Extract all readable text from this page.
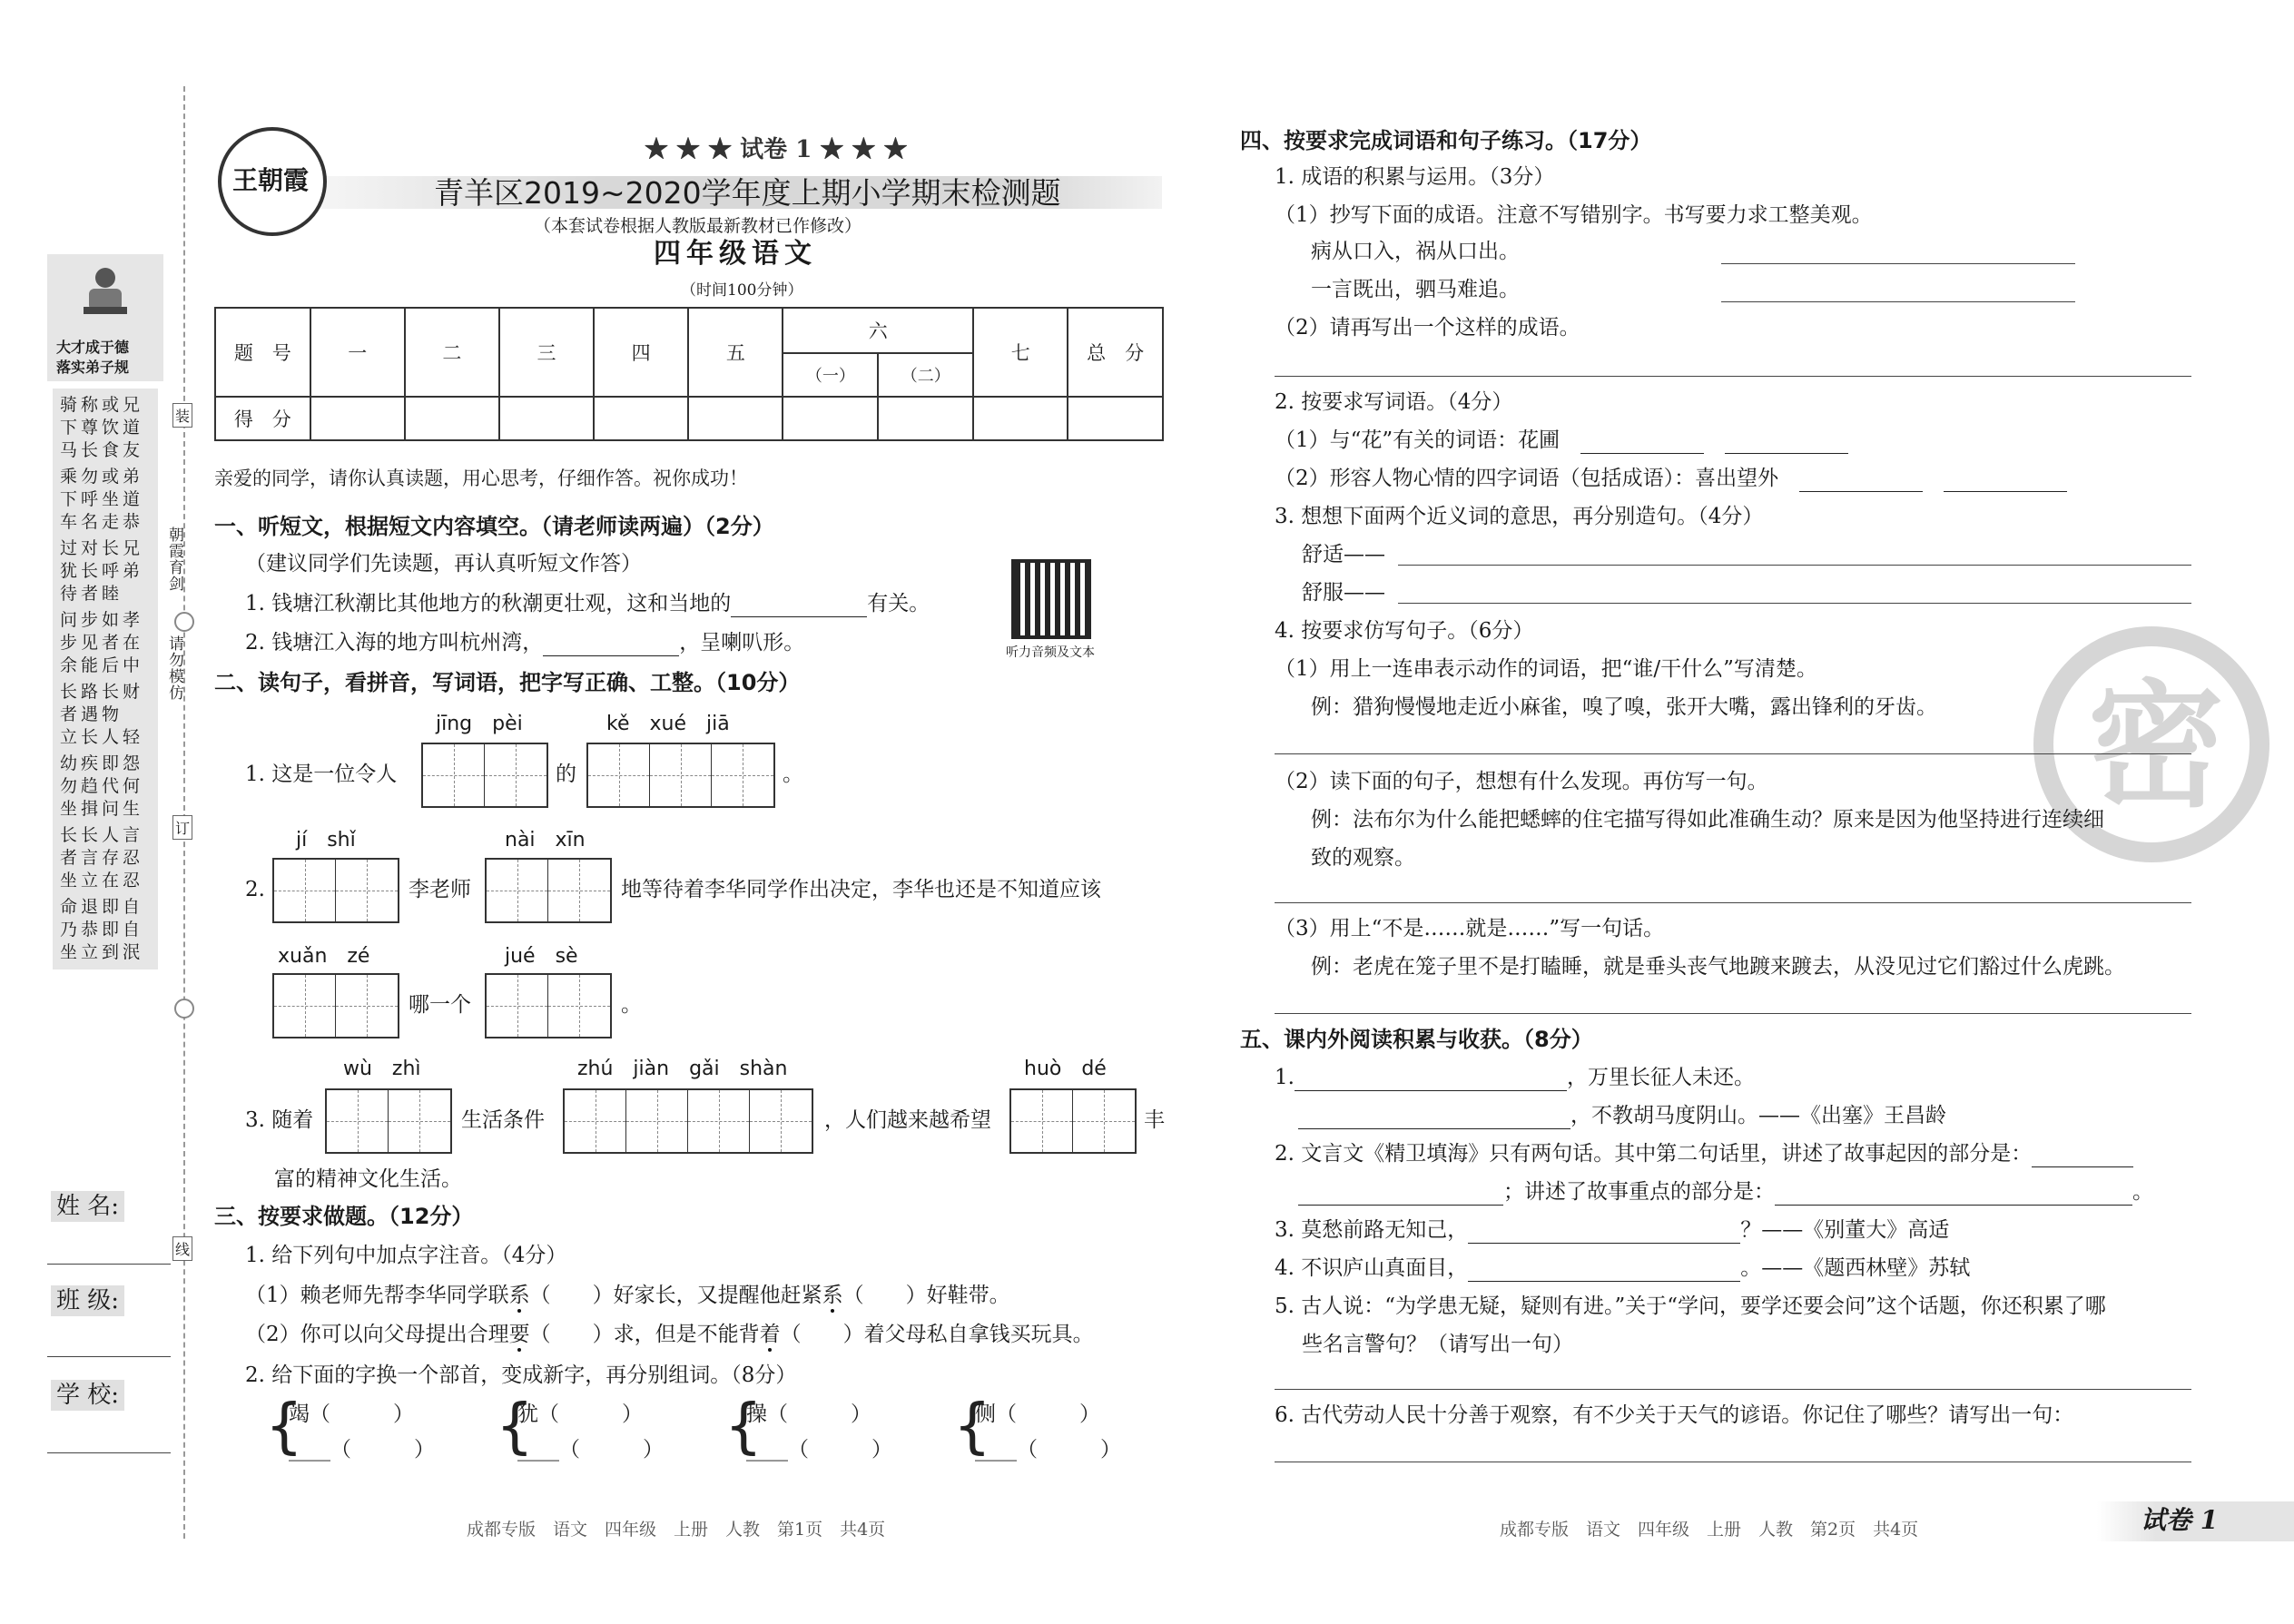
大才成于德
落实弟子规
骑称或兄
下尊饮道
马长食友
乘勿或弟
下呼坐道
车名走恭
过对长兄
犹长呼弟
待者睦
问步如孝
步见者在
余能后中
长路长财
者遇物
立长人轻
幼疾即怨
勿趋代何
坐揖问生
长长人言
者言存忍
坐立在忍
命退即自
乃恭即自
坐立到泯
朝霞育剑
请勿模仿
装
订
线
姓 名:
班 级:
学 校:
王朝霞
★ ★ ★ 试卷 1 ★ ★ ★
青羊区2019~2020学年度上期小学期末检测题
（本套试卷根据人教版最新教材已作修改）
四年级语文
（时间100分钟）
题　号	一	二	三	四	五	六		七	总　分
						（一）	（二）		
得　分									
亲爱的同学，请你认真读题，用心思考，仔细作答。祝你成功！
一、听短文，根据短文内容填空。（请老师读两遍）（2分）
（建议同学们先读题，再认真听短文作答）
1. 钱塘江秋潮比其他地方的秋潮更壮观，这和当地的	有关。
2. 钱塘江入海的地方叫杭州湾，	，呈喇叭形。	听力音频及文本
二、读句子，看拼音，写词语，把字写正确、工整。（10分）
jīng　pèi	kě　xué　jiā
1. 这是一位令人	的	。
jí　shǐ	nài　xīn
2.	李老师	地等待着李华同学作出决定，李华也还是不知道应该
xuǎn　zé	jué　sè
哪一个	。
wù　zhì	zhú　jiàn　gǎi　shàn	huò　dé
3. 随着	生活条件	，人们越来越希望	丰
富的精神文化生活。
三、按要求做题。（12分）
1. 给下列句中加点字注音。（4分）
（1）赖老师先帮李华同学联系（　　）好家长，又提醒他赶紧系（　　）好鞋带。
（2）你可以向父母提出合理要（　　）求，但是不能背着（　　）着父母私自拿钱买玩具。
2. 给下面的字换一个部首，变成新字，再分别组词。（8分）
{
竭（　　　）
____（　　　） {
犹（　　　）
____（　　　） {
操（　　　）
____（　　　） {
侧（　　　）
____（　　　）
成都专版　语文　四年级　上册　人教　第1页　共4页
密
四、按要求完成词语和句子练习。（17分）
1. 成语的积累与运用。（3分）
（1）抄写下面的成语。注意不写错别字。书写要力求工整美观。
病从口入，祸从口出。
一言既出，驷马难追。
（2）请再写出一个这样的成语。
2. 按要求写词语。（4分）
（1）与“花”有关的词语：花圃　　
（2）形容人物心情的四字词语（包括成语）：喜出望外　　
3. 想想下面两个近义词的意思，再分别造句。（4分）
舒适——
舒服——
4. 按要求仿写句子。（6分）
（1）用上一连串表示动作的词语，把“谁/干什么”写清楚。
例：猎狗慢慢地走近小麻雀，嗅了嗅，张开大嘴，露出锋利的牙齿。
（2）读下面的句子，想想有什么发现。再仿写一句。
例：法布尔为什么能把蟋蟀的住宅描写得如此准确生动？原来是因为他坚持进行连续细
致的观察。
（3）用上“不是……就是……”写一句话。
例：老虎在笼子里不是打瞌睡，就是垂头丧气地踱来踱去，从没见过它们豁过什么虎跳。
五、课内外阅读积累与收获。（8分）
1.	，万里长征人未还。
，不教胡马度阴山。——《出塞》王昌龄
2. 文言文《精卫填海》只有两句话。其中第二句话里，讲述了故事起因的部分是：
；讲述了故事重点的部分是：	。
3. 莫愁前路无知己，	？——《别董大》高适
4. 不识庐山真面目，	。——《题西林壁》苏轼
5. 古人说：“为学患无疑，疑则有进。”关于“学问，要学还要会问”这个话题，你还积累了哪
些名言警句？（请写出一句）
6. 古代劳动人民十分善于观察，有不少关于天气的谚语。你记住了哪些？请写出一句：
成都专版　语文　四年级　上册　人教　第2页　共4页	试卷 1
